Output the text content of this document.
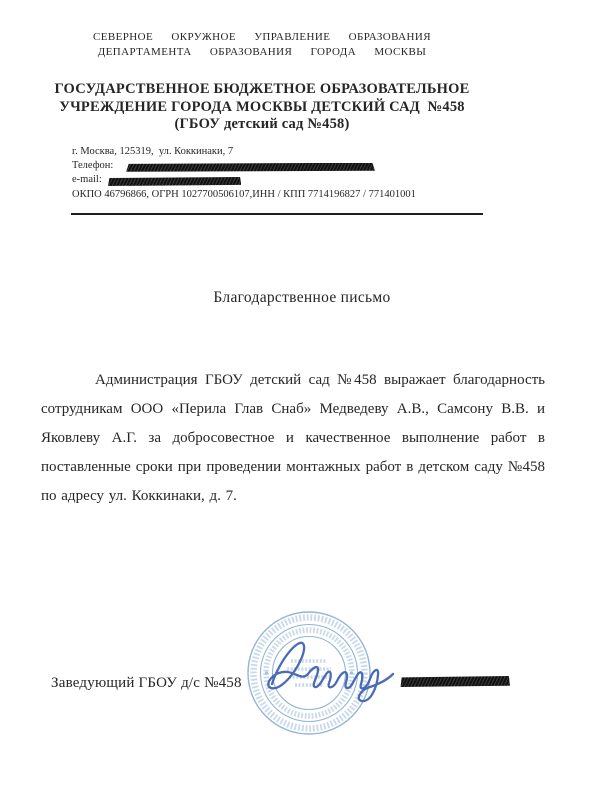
СЕВЕРНОЕ  ОКРУЖНОЕ  УПРАВЛЕНИЕ  ОБРАЗОВАНИЯ
ДЕПАРТАМЕНТА  ОБРАЗОВАНИЯ  ГОРОДА  МОСКВЫ
ГОСУДАРСТВЕННОЕ БЮДЖЕТНОЕ ОБРАЗОВАТЕЛЬНОЕ
УЧРЕЖДЕНИЕ ГОРОДА МОСКВЫ ДЕТСКИЙ САД  №458
(ГБОУ детский сад №458)
г. Москва, 125319,  ул. Коккинаки, 7
Телефон:
e-mail:
ОКПО 46796866, ОГРН 1027700506107,ИНН / КПП 7714196827 / 771401001
Благодарственное письмо
Администрация ГБОУ детский сад №458 выражает благодарность
сотрудникам ООО «Перила Глав Снаб» Медведеву А.В., Самсону В.В. и
Яковлеву А.Г. за добросовестное и качественное выполнение работ в
поставленные сроки при проведении монтажных работ в детском саду №458
по адресу ул. Коккинаки, д. 7.
Заведующий ГБОУ д/с №458
